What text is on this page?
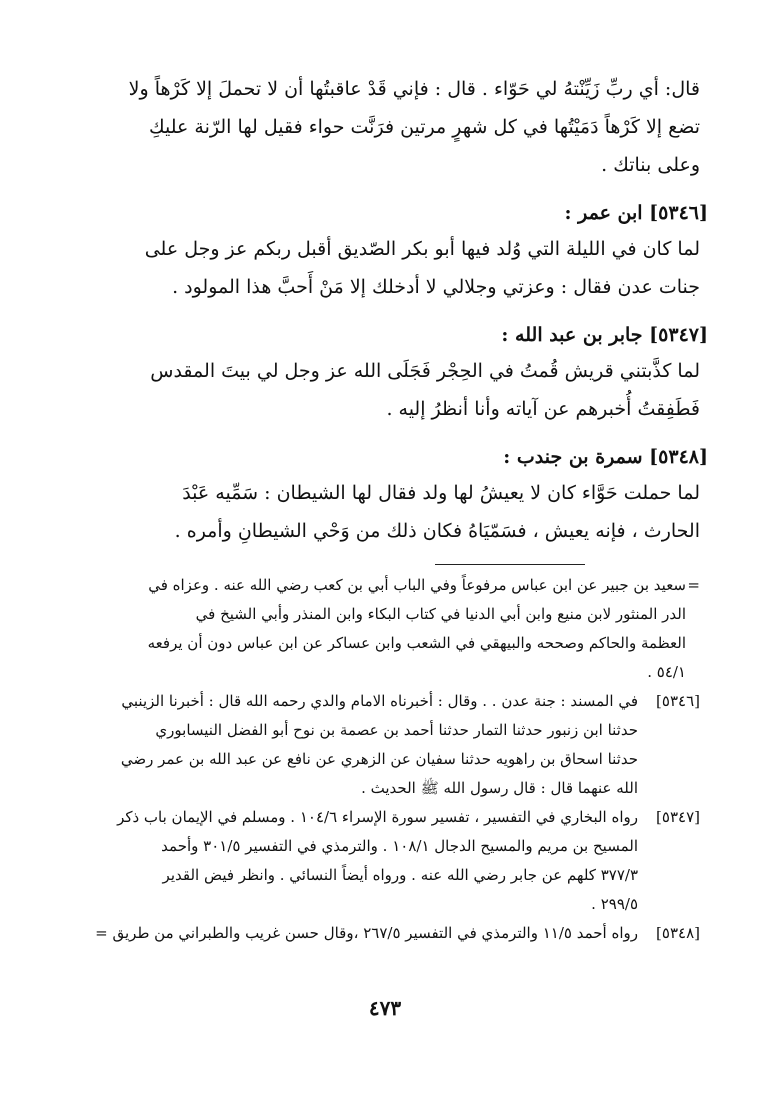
قال: أي ربِّ زَيِّنْتهُ لي حَوّاء . قال : فإني قَدْ عاقبتُها أن لا تحملَ إلا كَرْهاً ولا

تضع إلا كَرْهاً دَمَيْتُها في كل شهرٍ مرتين فرَنَّت حواء فقيل لها الرّنة عليكِ

وعلى بناتك .

[٥٣٤٦] ابن عمر :

لما كان في الليلة التي وُلد فيها أبو بكر الصّديق أقبل ربكم عز وجل على

جنات عدن فقال : وعزتي وجلالي لا أدخلك إلا مَنْ أَحبَّ هذا المولود .

[٥٣٤٧] جابر بن عبد الله :

لما كذَّبتني قريش قُمتُ في الحِجْر فَجَلَى الله عز وجل لي بيتَ المقدس

فَطَفِقتُ أُخبرهم عن آياته وأنا أنظرُ إليه .

[٥٣٤٨] سمرة بن جندب :

لما حملت حَوَّاء كان لا يعيشُ لها ولد فقال لها الشيطان : سَمِّيه عَبْدَ

الحارث ، فإنه يعيش ، فسَمّيَاهُ فكان ذلك من وَحْي الشيطانِ وأمره .

=

سعيد بن جبير عن ابن عباس مرفوعاً وفي الباب أبي بن كعب رضي الله عنه . وعزاه في

الدر المنثور لابن منيع وابن أبي الدنيا في كتاب البكاء وابن المنذر وأبي الشيخ في

العظمة والحاكم وصححه والبيهقي في الشعب وابن عساكر عن ابن عباس دون أن يرفعه

٥٤/١ .

[٥٣٤٦]

في المسند : جنة عدن . . وقال : أخبرناه الامام والدي رحمه الله قال : أخبرنا الزينبي

حدثنا ابن زنبور حدثنا التمار حدثنا أحمد بن عصمة بن نوح أبو الفضل النيسابوري

حدثنا اسحاق بن راهويه حدثنا سفيان عن الزهري عن نافع عن عبد الله بن عمر رضي

الله عنهما قال : قال رسول الله ﷺ الحديث .

[٥٣٤٧]

رواه البخاري في التفسير ، تفسير سورة الإسراء ١٠٤/٦ . ومسلم في الإيمان باب ذكر

المسيح بن مريم والمسيح الدجال ١٠٨/١ . والترمذي في التفسير ٣٠١/٥ وأحمد

٣٧٧/٣ كلهم عن جابر رضي الله عنه . ورواه أيضاً النسائي . وانظر فيض القدير

٢٩٩/٥ .

[٥٣٤٨]

رواه أحمد ١١/٥ والترمذي في التفسير ٢٦٧/٥ ،وقال حسن غريب والطبراني من طريق =

٤٧٣
